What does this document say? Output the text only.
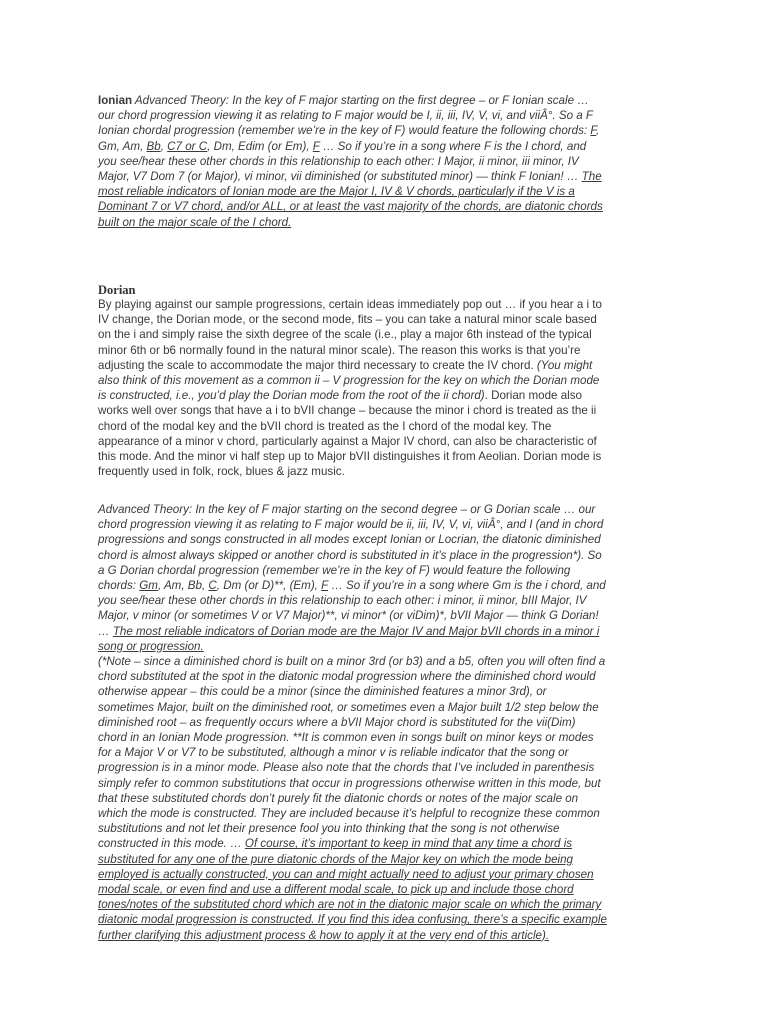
Ionian Advanced Theory: In the key of F major starting on the first degree – or F Ionian scale …
our chord progression viewing it as relating to F major would be I, ii, iii, IV, V, vi, and viiÂ°. So a F
Ionian chordal progression (remember we’re in the key of F) would feature the following chords: F,
Gm, Am, Bb, C7 or C, Dm, Edim (or Em), F … So if you’re in a song where F is the I chord, and
you see/hear these other chords in this relationship to each other: I Major, ii minor, iii minor, IV
Major, V7 Dom 7 (or Major), vi minor, vii diminished (or substituted minor) — think F Ionian! … The
most reliable indicators of Ionian mode are the Major I, IV & V chords, particularly if the V is a
Dominant 7 or V7 chord, and/or ALL, or at least the vast majority of the chords, are diatonic chords
built on the major scale of the I chord.
Dorian
By playing against our sample progressions, certain ideas immediately pop out … if you hear a i to
IV change, the Dorian mode, or the second mode, fits – you can take a natural minor scale based
on the i and simply raise the sixth degree of the scale (i.e., play a major 6th instead of the typical
minor 6th or b6 normally found in the natural minor scale). The reason this works is that you’re
adjusting the scale to accommodate the major third necessary to create the IV chord. (You might
also think of this movement as a common ii – V progression for the key on which the Dorian mode
is constructed, i.e., you’d play the Dorian mode from the root of the ii chord). Dorian mode also
works well over songs that have a i to bVII change – because the minor i chord is treated as the ii
chord of the modal key and the bVII chord is treated as the I chord of the modal key. The
appearance of a minor v chord, particularly against a Major IV chord, can also be characteristic of
this mode. And the minor vi half step up to Major bVII distinguishes it from Aeolian. Dorian mode is
frequently used in folk, rock, blues & jazz music.
Advanced Theory: In the key of F major starting on the second degree – or G Dorian scale … our
chord progression viewing it as relating to F major would be ii, iii, IV, V, vi, viiÂ°, and I (and in chord
progressions and songs constructed in all modes except Ionian or Locrian, the diatonic diminished
chord is almost always skipped or another chord is substituted in it’s place in the progression*). So
a G Dorian chordal progression (remember we’re in the key of F) would feature the following
chords: Gm, Am, Bb, C, Dm (or D)**, (Em), F … So if you’re in a song where Gm is the i chord, and
you see/hear these other chords in this relationship to each other: i minor, ii minor, bIII Major, IV
Major, v minor (or sometimes V or V7 Major)**, vi minor* (or viDim)*, bVII Major — think G Dorian!
… The most reliable indicators of Dorian mode are the Major IV and Major bVII chords in a minor i
song or progression.
(*Note – since a diminished chord is built on a minor 3rd (or b3) and a b5, often you will often find a
chord substituted at the spot in the diatonic modal progression where the diminished chord would
otherwise appear – this could be a minor (since the diminished features a minor 3rd), or
sometimes Major, built on the diminished root, or sometimes even a Major built 1/2 step below the
diminished root – as frequently occurs where a bVII Major chord is substituted for the vii(Dim)
chord in an Ionian Mode progression. **It is common even in songs built on minor keys or modes
for a Major V or V7 to be substituted, although a minor v is reliable indicator that the song or
progression is in a minor mode. Please also note that the chords that I’ve included in parenthesis
simply refer to common substitutions that occur in progressions otherwise written in this mode, but
that these substituted chords don’t purely fit the diatonic chords or notes of the major scale on
which the mode is constructed. They are included because it’s helpful to recognize these common
substitutions and not let their presence fool you into thinking that the song is not otherwise
constructed in this mode. … Of course, it’s important to keep in mind that any time a chord is
substituted for any one of the pure diatonic chords of the Major key on which the mode being
employed is actually constructed, you can and might actually need to adjust your primary chosen
modal scale, or even find and use a different modal scale, to pick up and include those chord
tones/notes of the substituted chord which are not in the diatonic major scale on which the primary
diatonic modal progression is constructed. If you find this idea confusing, there’s a specific example
further clarifying this adjustment process & how to apply it at the very end of this article).
